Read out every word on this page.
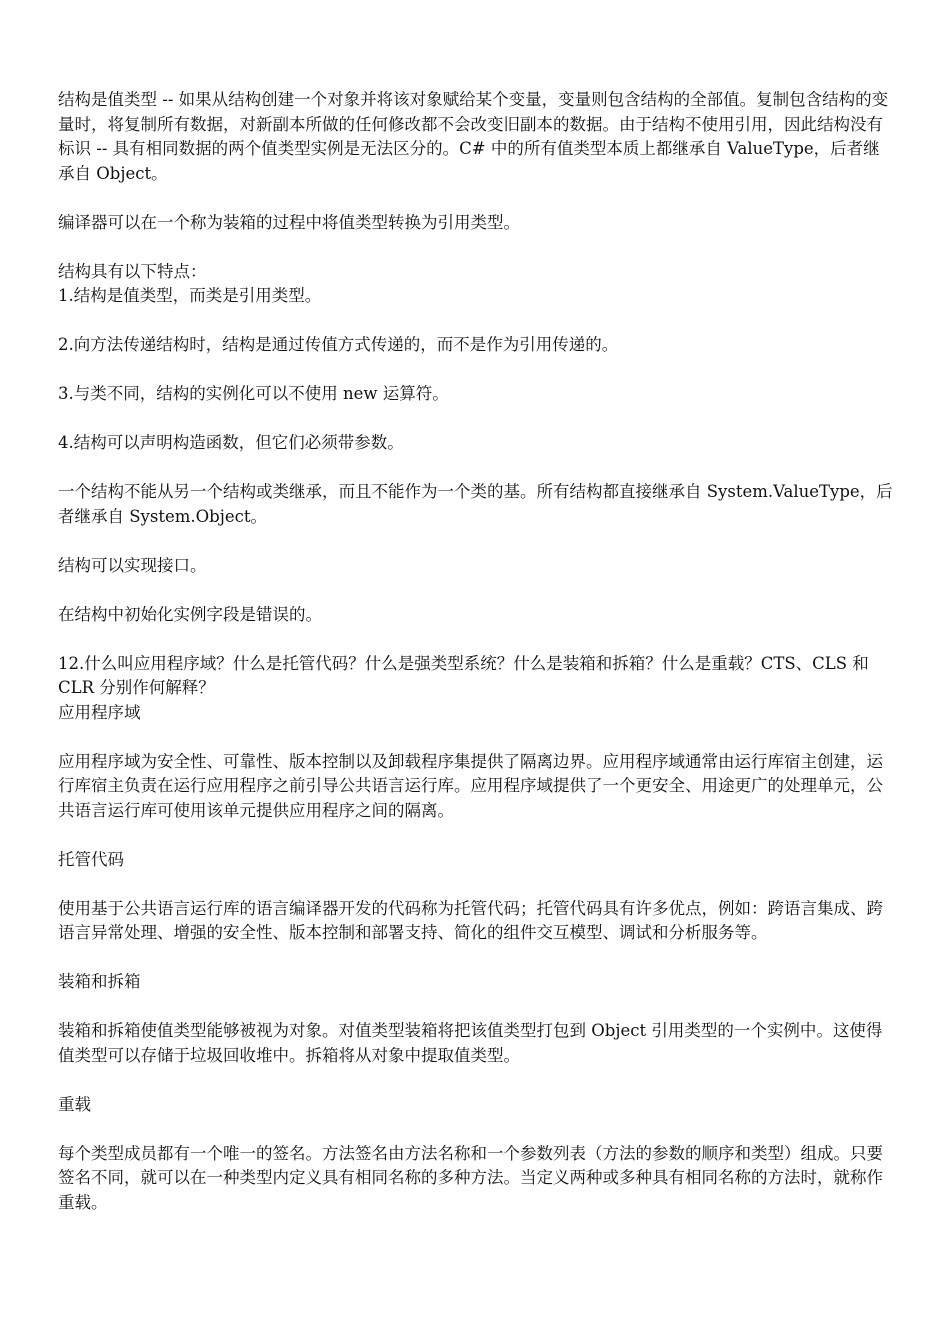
结构是值类型 -- 如果从结构创建一个对象并将该对象赋给某个变量，变量则包含结构的全部值。复制包含结构的变量时，将复制所有数据，对新副本所做的任何修改都不会改变旧副本的数据。由于结构不使用引用，因此结构没有标识 -- 具有相同数据的两个值类型实例是无法区分的。C# 中的所有值类型本质上都继承自 ValueType，后者继承自 Object。

编译器可以在一个称为装箱的过程中将值类型转换为引用类型。

结构具有以下特点：

1.结构是值类型，而类是引用类型。

2.向方法传递结构时，结构是通过传值方式传递的，而不是作为引用传递的。

3.与类不同，结构的实例化可以不使用 new 运算符。

4.结构可以声明构造函数，但它们必须带参数。

一个结构不能从另一个结构或类继承，而且不能作为一个类的基。所有结构都直接继承自 System.ValueType，后者继承自 System.Object。

结构可以实现接口。

在结构中初始化实例字段是错误的。

12.什么叫应用程序域？什么是托管代码？什么是强类型系统？什么是装箱和拆箱？什么是重载？CTS、CLS 和 CLR 分别作何解释？

应用程序域

应用程序域为安全性、可靠性、版本控制以及卸载程序集提供了隔离边界。应用程序域通常由运行库宿主创建，运行库宿主负责在运行应用程序之前引导公共语言运行库。应用程序域提供了一个更安全、用途更广的处理单元，公共语言运行库可使用该单元提供应用程序之间的隔离。

托管代码

使用基于公共语言运行库的语言编译器开发的代码称为托管代码；托管代码具有许多优点，例如：跨语言集成、跨语言异常处理、增强的安全性、版本控制和部署支持、简化的组件交互模型、调试和分析服务等。

装箱和拆箱

装箱和拆箱使值类型能够被视为对象。对值类型装箱将把该值类型打包到 Object 引用类型的一个实例中。这使得值类型可以存储于垃圾回收堆中。拆箱将从对象中提取值类型。

重载

每个类型成员都有一个唯一的签名。方法签名由方法名称和一个参数列表（方法的参数的顺序和类型）组成。只要签名不同，就可以在一种类型内定义具有相同名称的多种方法。当定义两种或多种具有相同名称的方法时，就称作重载。
